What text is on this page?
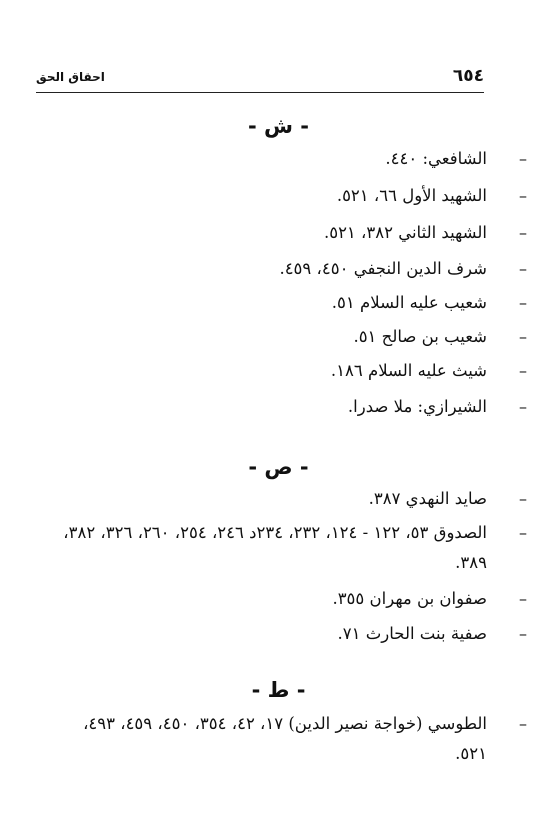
٦٥٤
احقاق الحق
- ش -
–
الشافعي: ٤٤٠.
–
الشهيد الأول ٦٦، ٥٢١.
–
الشهيد الثاني ٣٨٢، ٥٢١.
–
شرف الدين النجفي ٤٥٠، ٤٥٩.
–
شعيب عليه السلام ٥١.
–
شعيب بن صالح ٥١.
–
شيث عليه السلام ١٨٦.
–
الشيرازي: ملا صدرا.
- ص -
–
صايد النهدي ٣٨٧.
–
الصدوق ٥٣، ١٢٢ - ١٢٤، ٢٣٢، ٢٣٤د ٢٤٦، ٢٥٤، ٢٦٠، ٣٢٦، ٣٨٢، ٣٨٩.
–
صفوان بن مهران ٣٥٥.
–
صفية بنت الحارث ٧١.
- ط -
–
الطوسي (خواجة نصير الدين) ١٧، ٤٢، ٣٥٤، ٤٥٠، ٤٥٩، ٤٩٣، ٥٢١.
